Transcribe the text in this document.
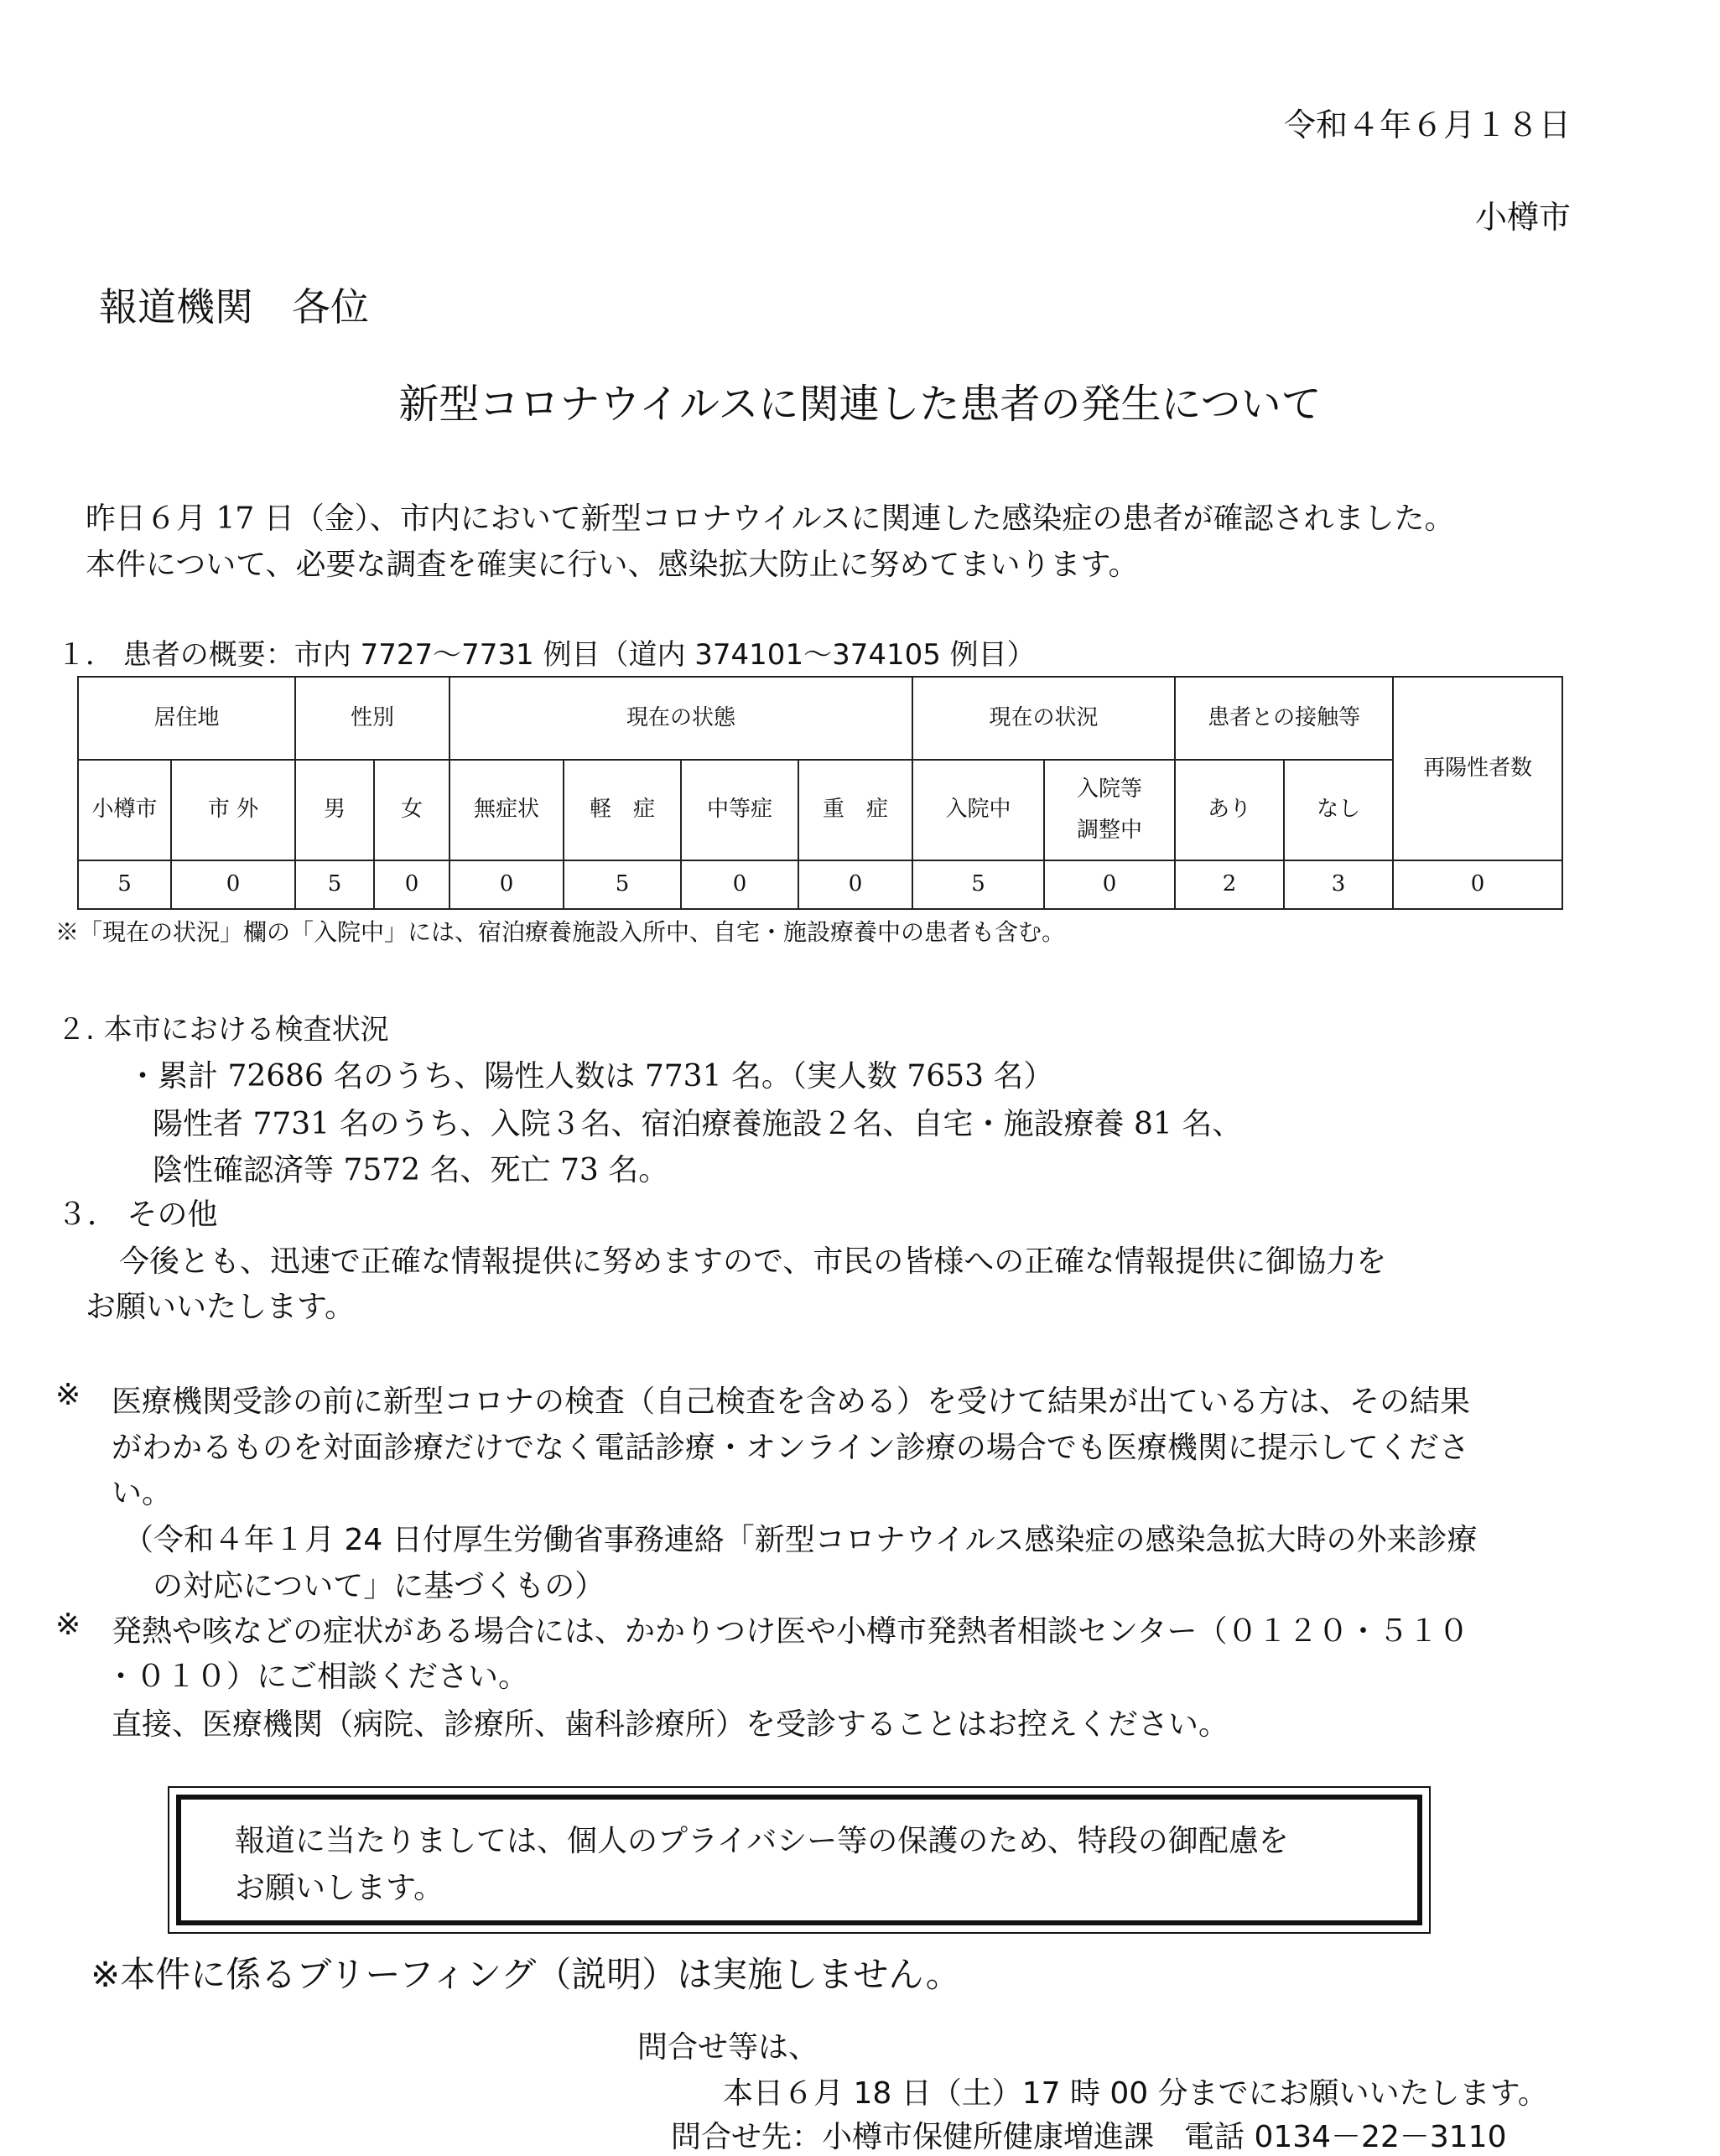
令和４年６月１８日
小樽市
報道機関　各位
新型コロナウイルスに関連した患者の発生について
昨日６月 17 日（金）、市内において新型コロナウイルスに関連した感染症の患者が確認されました。
本件について、必要な調査を確実に行い、感染拡大防止に努めてまいります。
１． 患者の概要：市内 7727～7731 例目（道内 374101～374105 例目）
居住地		性別		現在の状態				現在の状況		患者との接触等		再陽性者数
小樽市	市 外	男	女	無症状	軽　症	中等症	重　症	入院中	入院等
調整中	あり	なし	
5	0	5	0	0	5	0	0	5	0	2	3	0
※「現在の状況」欄の「入院中」には、宿泊療養施設入所中、自宅・施設療養中の患者も含む。
２. 本市における検査状況
・累計 72686 名のうち、陽性人数は 7731 名。（実人数 7653 名）
陽性者 7731 名のうち、入院３名、宿泊療養施設２名、自宅・施設療養 81 名、
陰性確認済等 7572 名、死亡 73 名。
３． その他
今後とも、迅速で正確な情報提供に努めますので、市民の皆様への正確な情報提供に御協力を
お願いいたします。
※ 医療機関受診の前に新型コロナの検査（自己検査を含める）を受けて結果が出ている方は、その結果
がわかるものを対面診療だけでなく電話診療・オンライン診療の場合でも医療機関に提示してくださ
い。
（令和４年１月 24 日付厚生労働省事務連絡「新型コロナウイルス感染症の感染急拡大時の外来診療
の対応について」に基づくもの）
※ 発熱や咳などの症状がある場合には、かかりつけ医や小樽市発熱者相談センター（０１２０・５１０
・０１０）にご相談ください。
直接、医療機関（病院、診療所、歯科診療所）を受診することはお控えください。
報道に当たりましては、個人のプライバシー等の保護のため、特段の御配慮を
お願いします。
※本件に係るブリーフィング（説明）は実施しません。
問合せ等は、
本日６月 18 日（土）17 時 00 分までにお願いいたします。
問合せ先：小樽市保健所健康増進課　電話 0134－22－3110
